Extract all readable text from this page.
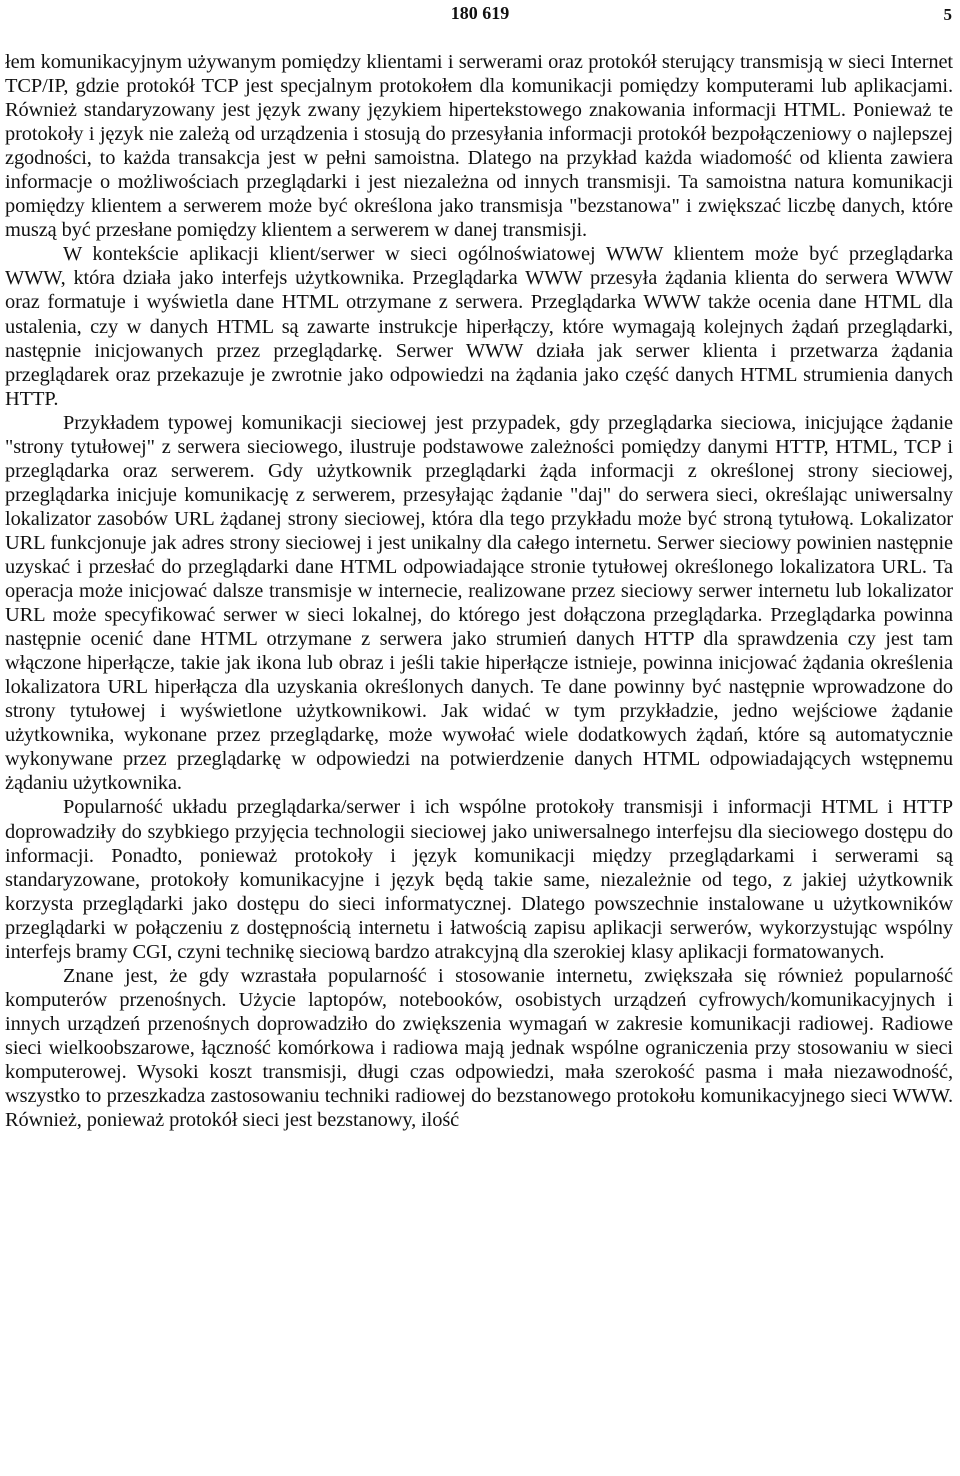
180 619	5

łem komunikacyjnym używanym pomiędzy klientami i serwerami oraz protokół sterujący transmisją w sieci Internet TCP/IP, gdzie protokół TCP jest specjalnym protokołem dla komunikacji pomiędzy komputerami lub aplikacjami. Również standaryzowany jest język zwany językiem hipertekstowego znakowania informacji HTML. Ponieważ te protokoły i język nie zależą od urządzenia i stosują do przesyłania informacji protokół bezpołączeniowy o najlepszej zgodności, to każda transakcja jest w pełni samoistna. Dlatego na przykład każda wiadomość od klienta zawiera informacje o możliwościach przeglądarki i jest niezależna od innych transmisji. Ta samoistna natura komunikacji pomiędzy klientem a serwerem może być określona jako transmisja "bezstanowa" i zwiększać liczbę danych, które muszą być przesłane pomiędzy klientem a serwerem w danej transmisji.

W kontekście aplikacji klient/serwer w sieci ogólnoświatowej WWW klientem może być przeglądarka WWW, która działa jako interfejs użytkownika. Przeglądarka WWW przesyła żądania klienta do serwera WWW oraz formatuje i wyświetla dane HTML otrzymane z serwera. Przeglądarka WWW także ocenia dane HTML dla ustalenia, czy w danych HTML są zawarte instrukcje hiperłączy, które wymagają kolejnych żądań przeglądarki, następnie inicjowanych przez przeglądarkę. Serwer WWW działa jak serwer klienta i przetwarza żądania przeglądarek oraz przekazuje je zwrotnie jako odpowiedzi na żądania jako część danych HTML strumienia danych HTTP.

Przykładem typowej komunikacji sieciowej jest przypadek, gdy przeglądarka sieciowa, inicjujące żądanie "strony tytułowej" z serwera sieciowego, ilustruje podstawowe zależności pomiędzy danymi HTTP, HTML, TCP i przeglądarka oraz serwerem. Gdy użytkownik przeglądarki żąda informacji z określonej strony sieciowej, przeglądarka inicjuje komunikację z serwerem, przesyłając żądanie "daj" do serwera sieci, określając uniwersalny lokalizator zasobów URL żądanej strony sieciowej, która dla tego przykładu może być stroną tytułową. Lokalizator URL funkcjonuje jak adres strony sieciowej i jest unikalny dla całego internetu. Serwer sieciowy powinien następnie uzyskać i przesłać do przeglądarki dane HTML odpowiadające stronie tytułowej określonego lokalizatora URL. Ta operacja może inicjować dalsze transmisje w internecie, realizowane przez sieciowy serwer internetu lub lokalizator URL może specyfikować serwer w sieci lokalnej, do którego jest dołączona przeglądarka. Przeglądarka powinna następnie ocenić dane HTML otrzymane z serwera jako strumień danych HTTP dla sprawdzenia czy jest tam włączone hiperłącze, takie jak ikona lub obraz i jeśli takie hiperłącze istnieje, powinna inicjować żądania określenia lokalizatora URL hiperłącza dla uzyskania określonych danych. Te dane powinny być następnie wprowadzone do strony tytułowej i wyświetlone użytkownikowi. Jak widać w tym przykładzie, jedno wejściowe żądanie użytkownika, wykonane przez przeglądarkę, może wywołać wiele dodatkowych żądań, które są automatycznie wykonywane przez przeglądarkę w odpowiedzi na potwierdzenie danych HTML odpowiadających wstępnemu żądaniu użytkownika.

Popularność układu przeglądarka/serwer i ich wspólne protokoły transmisji i informacji HTML i HTTP doprowadziły do szybkiego przyjęcia technologii sieciowej jako uniwersalnego interfejsu dla sieciowego dostępu do informacji. Ponadto, ponieważ protokoły i język komunikacji między przeglądarkami i serwerami są standaryzowane, protokoły komunikacyjne i język będą takie same, niezależnie od tego, z jakiej użytkownik korzysta przeglądarki jako dostępu do sieci informatycznej. Dlatego powszechnie instalowane u użytkowników przeglądarki w połączeniu z dostępnością internetu i łatwością zapisu aplikacji serwerów, wykorzystując wspólny interfejs bramy CGI, czyni technikę sieciową bardzo atrakcyjną dla szerokiej klasy aplikacji formatowanych.

Znane jest, że gdy wzrastała popularność i stosowanie internetu, zwiększała się również popularność komputerów przenośnych. Użycie laptopów, notebooków, osobistych urządzeń cyfrowych/komunikacyjnych i innych urządzeń przenośnych doprowadziło do zwiększenia wymagań w zakresie komunikacji radiowej. Radiowe sieci wielkoobszarowe, łączność komórkowa i radiowa mają jednak wspólne ograniczenia przy stosowaniu w sieci komputerowej. Wysoki koszt transmisji, długi czas odpowiedzi, mała szerokość pasma i mała niezawodność, wszystko to przeszkadza zastosowaniu techniki radiowej do bezstanowego protokołu komunikacyjnego sieci WWW. Również, ponieważ protokół sieci jest bezstanowy, ilość
